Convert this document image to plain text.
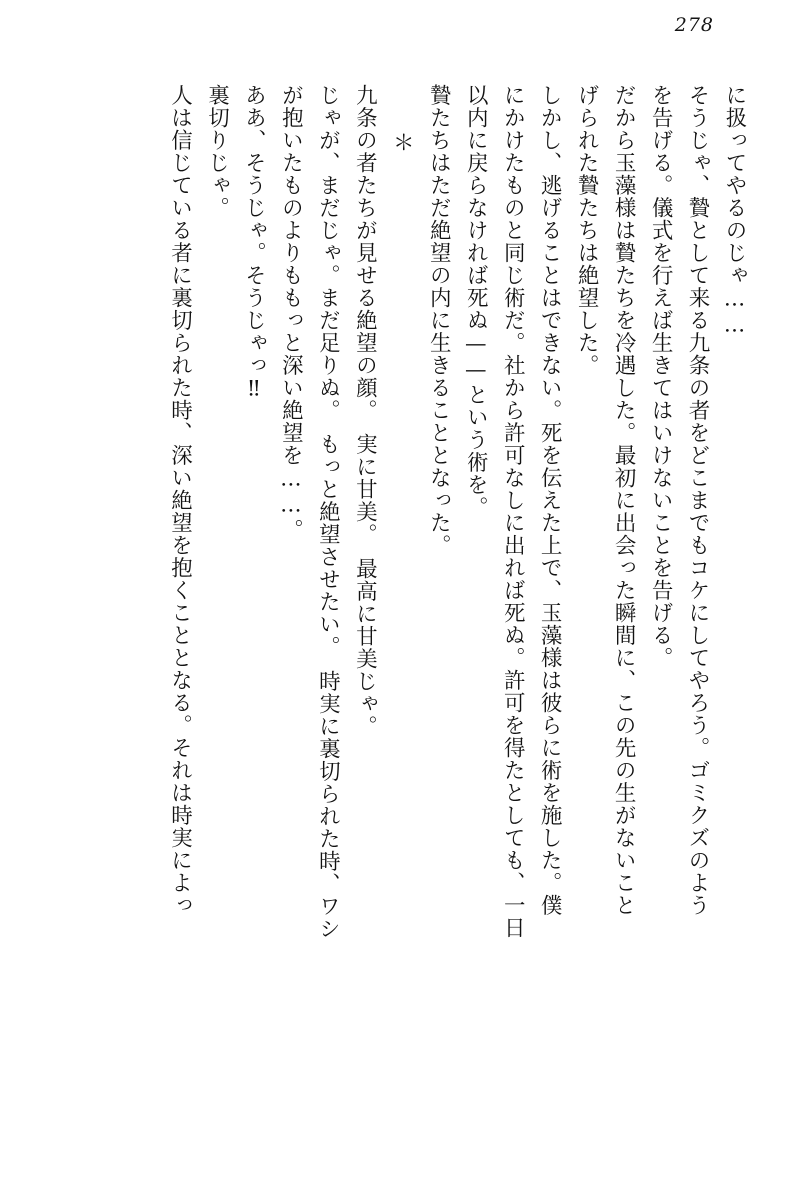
278
に扱ってやるのじゃ……
そうじゃ、贄として来る九条の者をどこまでもコケにしてやろう。ゴミクズのよう
を告げる。儀式を行えば生きてはいけないことを告げる。
だから玉藻様は贄たちを冷遇した。最初に出会った瞬間に、この先の生がないこと
げられた贄たちは絶望した。
しかし、逃げることはできない。死を伝えた上で、玉藻様は彼らに術を施した。僕
にかけたものと同じ術だ。社から許可なしに出れば死ぬ。許可を得たとしても、一日
以内に戻らなければ死ぬ——という術を。
贄たちはただ絶望の内に生きることとなった。
＊
九条の者たちが見せる絶望の顔。　実に甘美。　最高に甘美じゃ。
じゃが、まだじゃ。まだ足りぬ。　もっと絶望させたい。　時実に裏切られた時、ワシ
が抱いたものよりももっと深い絶望を……。
ああ、そうじゃ。そうじゃっ‼
裏切りじゃ。
人は信じている者に裏切られた時、深い絶望を抱くこととなる。それは時実によっ
